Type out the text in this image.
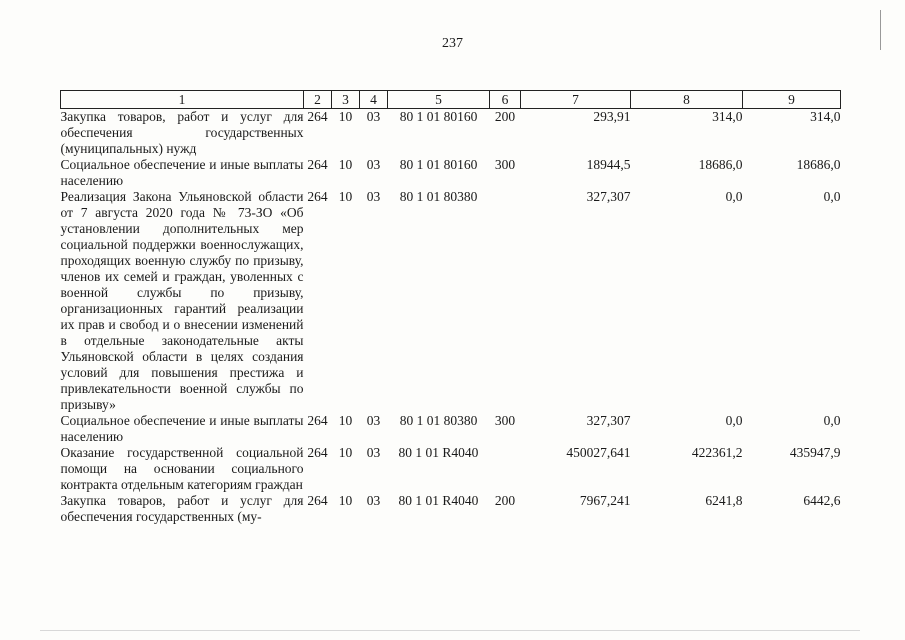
237
1	2	3	4	5	6	7	8	9
Закупка товаров, работ и услуг для обеспечения государственных (муниципальных) нужд	264	10	03	80 1 01 80160	200	293,91	314,0	314,0
Социальное обеспечение и иные выплаты населению	264	10	03	80 1 01 80160	300	18944,5	18686,0	18686,0
Реализация Закона Ульяновской области от 7 августа 2020 года № 73-ЗО «Об установлении дополнительных мер социальной поддержки военнослужащих, проходящих военную службу по призыву, членов их семей и граждан, уволенных с военной службы по призыву, организационных гарантий реализации их прав и свобод и о внесении изменений в отдельные законодательные акты Ульяновской области в целях создания условий для повышения престижа и привлекательности военной службы по призыву»	264	10	03	80 1 01 80380		327,307	0,0	0,0
Социальное обеспечение и иные выплаты населению	264	10	03	80 1 01 80380	300	327,307	0,0	0,0
Оказание государственной социальной помощи на основании социального контракта отдельным категориям граждан	264	10	03	80 1 01 R4040		450027,641	422361,2	435947,9
Закупка товаров, работ и услуг для обеспечения государственных (му-	264	10	03	80 1 01 R4040	200	7967,241	6241,8	6442,6
